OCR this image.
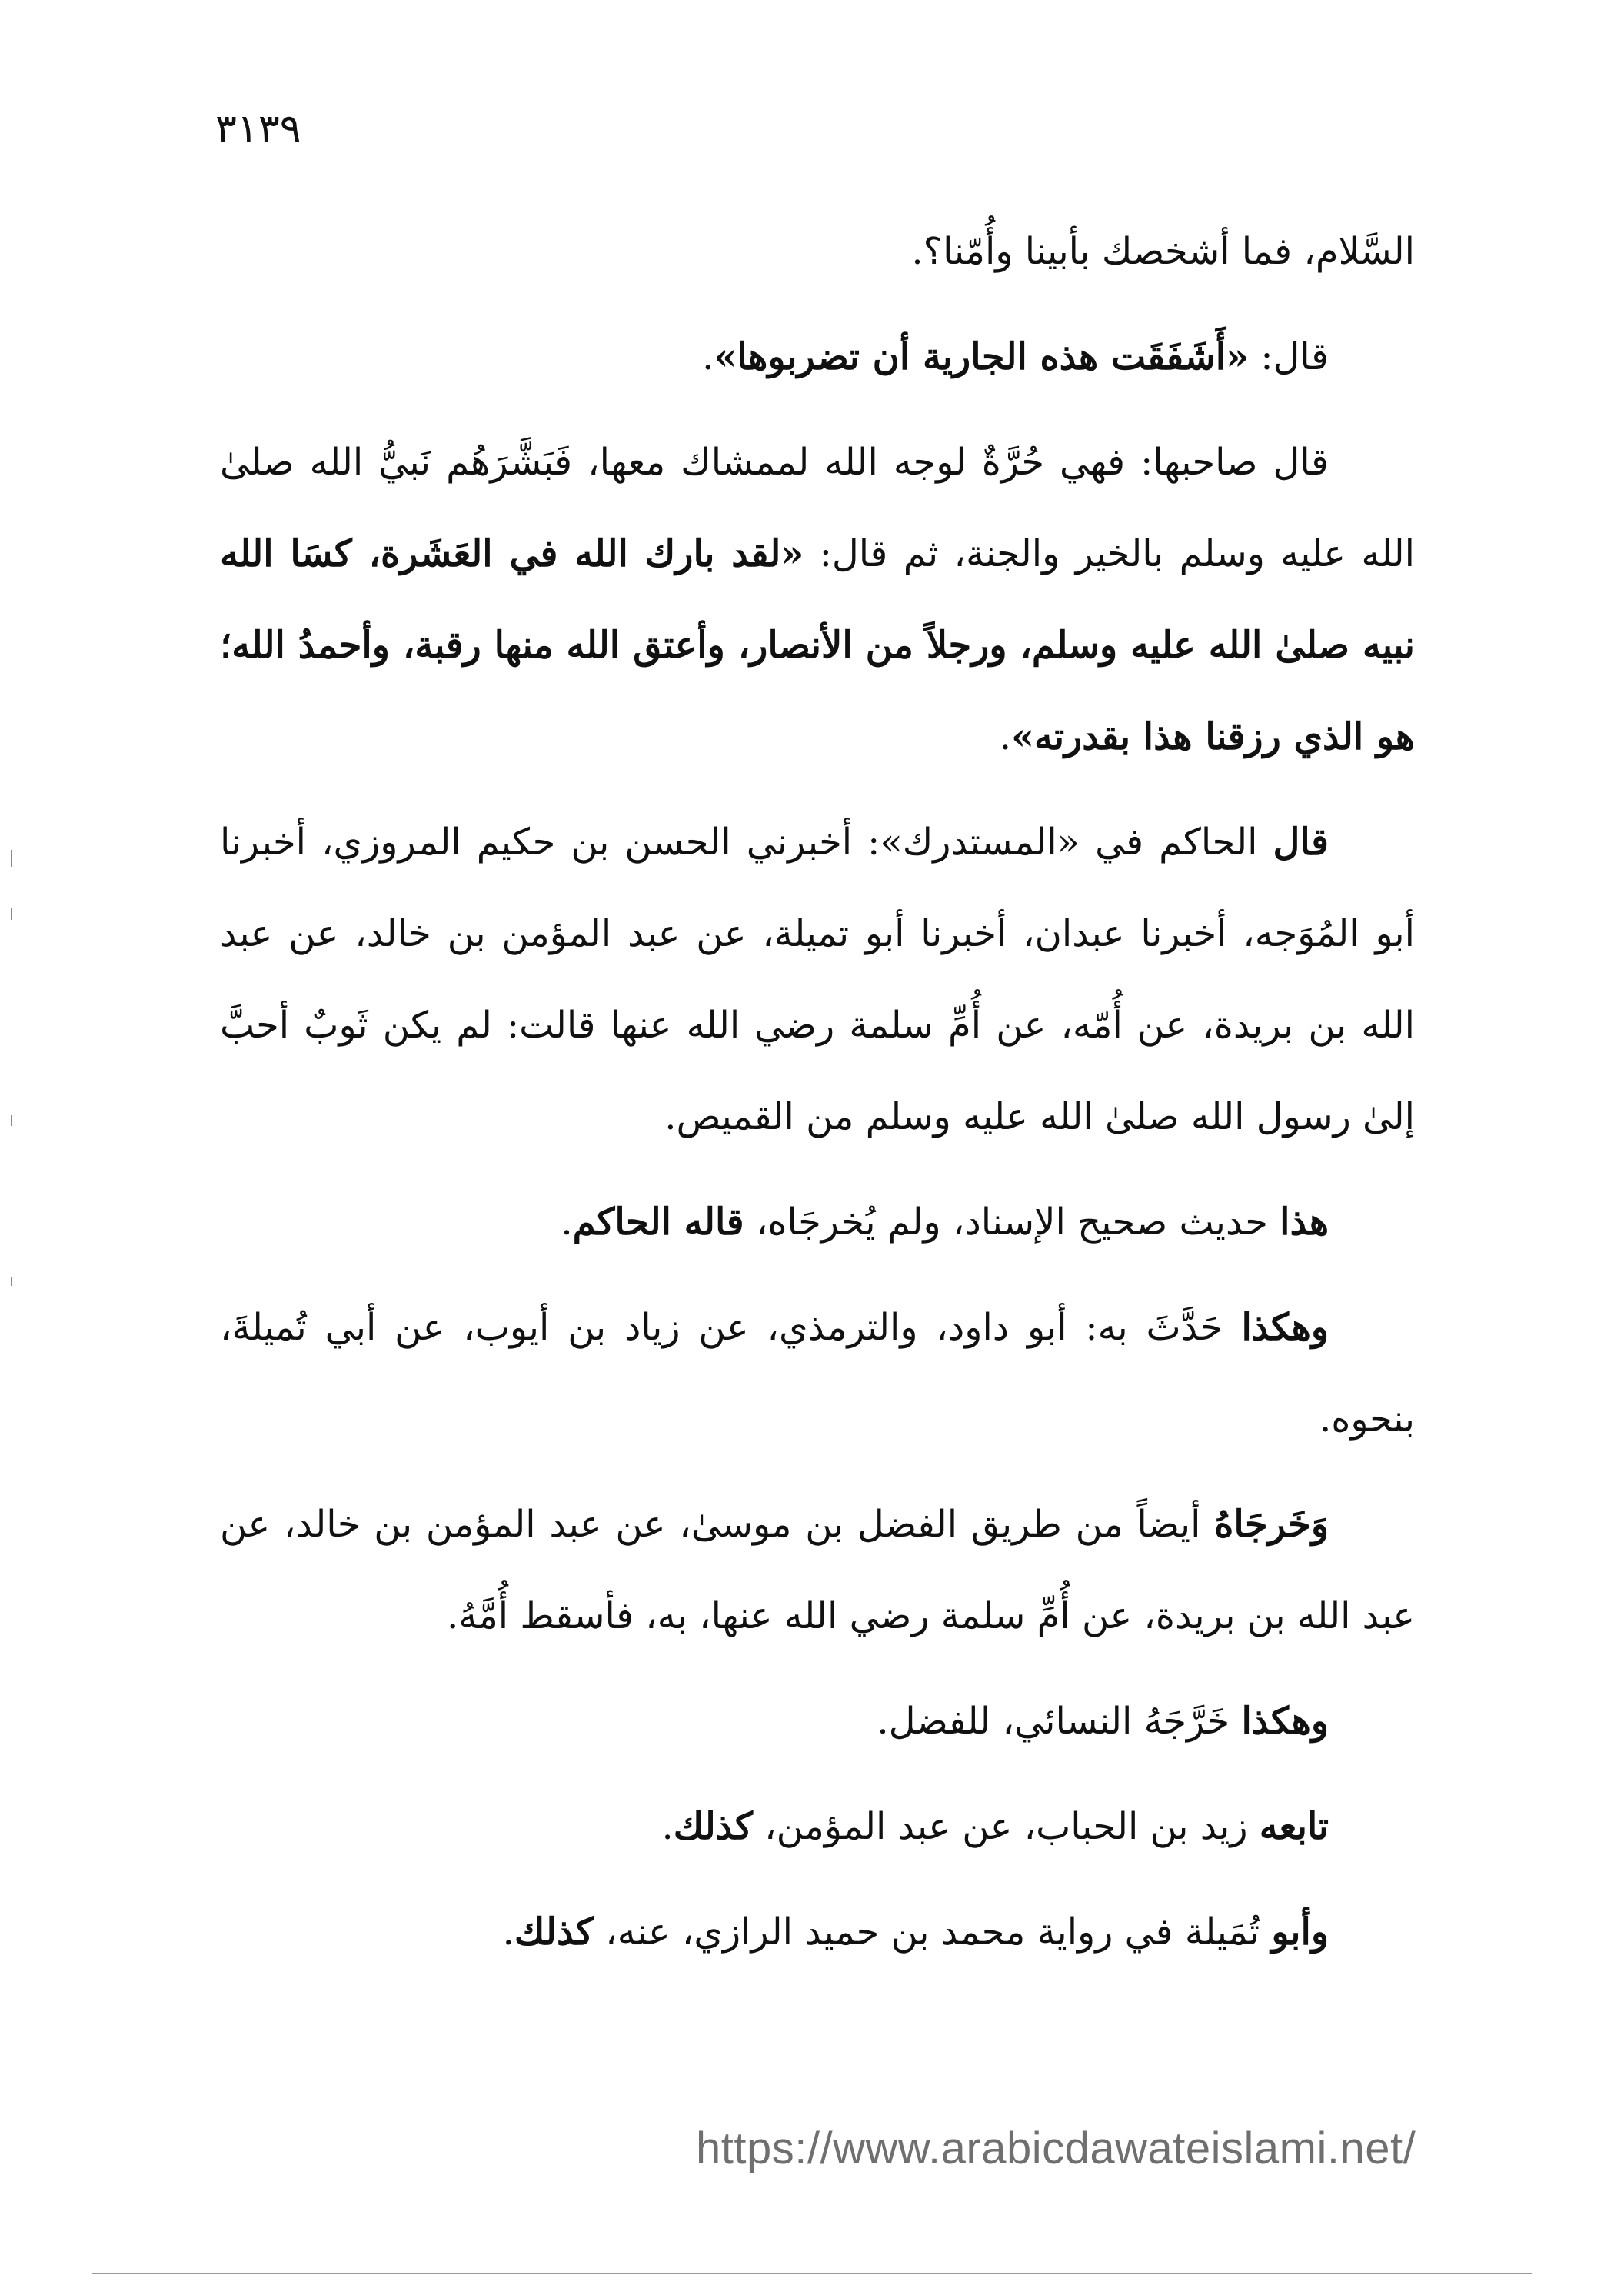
٣١٣٩

السَّلام، فما أشخصك بأبينا وأُمّنا؟.

قال: «أَشَفَقَت هذه الجارية أن تضربوها».

قال صاحبها: فهي حُرَّةٌ لوجه الله لممشاك معها، فَبَشَّرَهُم نَبيُّ الله صلىٰ الله عليه وسلم بالخير والجنة، ثم قال: «لقد بارك الله في العَشَرة، كسَا الله نبيه صلىٰ الله عليه وسلم، ورجلاً من الأنصار، وأعتق الله منها رقبة، وأحمدُ الله؛ هو الذي رزقنا هذا بقدرته».

قال الحاكم في «المستدرك»: أخبرني الحسن بن حكيم المروزي، أخبرنا أبو المُوَجه، أخبرنا عبدان، أخبرنا أبو تميلة، عن عبد المؤمن بن خالد، عن عبد الله بن بريدة، عن أُمّه، عن أُمِّ سلمة رضي الله عنها قالت: لم يكن ثَوبٌ أحبَّ إلىٰ رسول الله صلىٰ الله عليه وسلم من القميص.

هذا حديث صحيح الإسناد، ولم يُخرجَاه، قاله الحاكم.

وهكذا حَدَّثَ به: أبو داود، والترمذي، عن زياد بن أيوب، عن أبي تُميلةَ، بنحوه.

وَخَرجَاهُ أيضاً من طريق الفضل بن موسىٰ، عن عبد المؤمن بن خالد، عن عبد الله بن بريدة، عن أُمِّ سلمة رضي الله عنها، به، فأسقط أُمَّهُ.

وهكذا خَرَّجَهُ النسائي، للفضل.

تابعه زيد بن الحباب، عن عبد المؤمن، كذلك.

وأبو تُمَيلة في رواية محمد بن حميد الرازي، عنه، كذلك.

https://www.arabicdawateislami.net/
